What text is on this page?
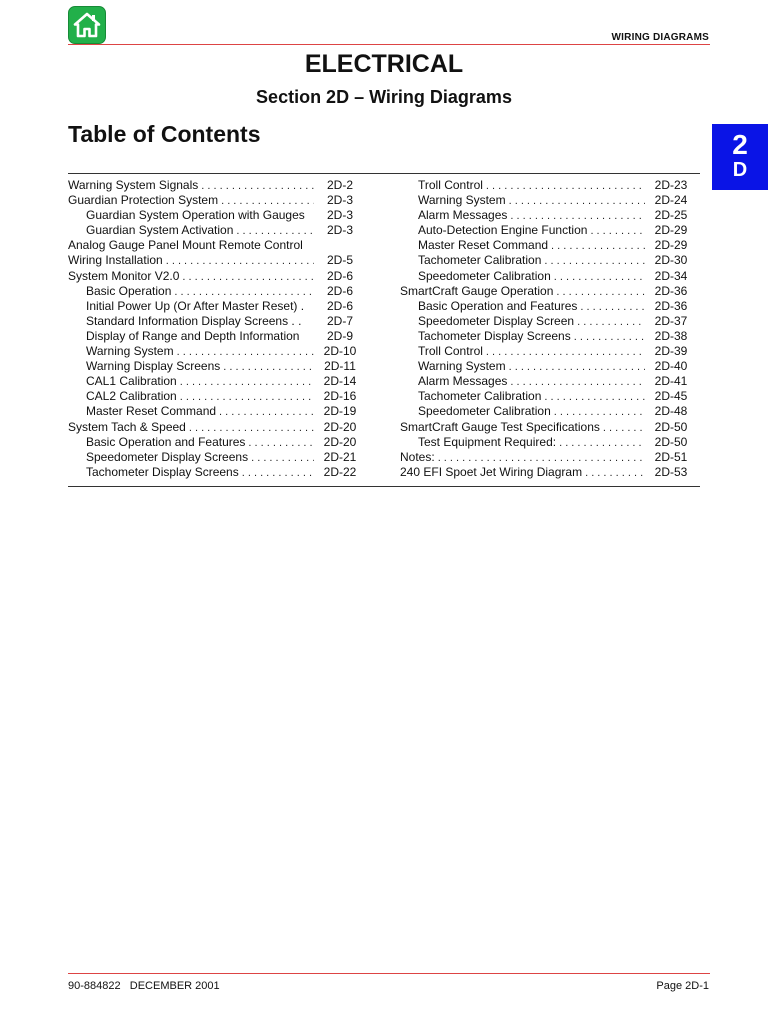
WIRING DIAGRAMS
ELECTRICAL
Section 2D – Wiring Diagrams
Table of Contents	2
D
Warning System Signals . . .	2D-2
Guardian Protection System . . .	2D-3
Guardian System Operation with Gauges	2D-3
Guardian System Activation . . .	2D-3
Analog Gauge Panel Mount Remote Control
Wiring Installation . . .	2D-5
System Monitor V2.0 . . .	2D-6
Basic Operation . . .	2D-6
Initial Power Up (Or After Master Reset) .	2D-6
Standard Information Display Screens . .	2D-7
Display of Range and Depth Information	2D-9
Warning System . . .	2D-10
Warning Display Screens . . .	2D-11
CAL1 Calibration . . .	2D-14
CAL2 Calibration . . .	2D-16
Master Reset Command . . .	2D-19
System Tach & Speed . . .	2D-20
Basic Operation and Features . . .	2D-20
Speedometer Display Screens . . .	2D-21
Tachometer Display Screens . . .	2D-22
Troll Control . . .	2D-23
Warning System . . .	2D-24
Alarm Messages . . .	2D-25
Auto-Detection Engine Function . . .	2D-29
Master Reset Command . . .	2D-29
Tachometer Calibration . . .	2D-30
Speedometer Calibration . . .	2D-34
SmartCraft Gauge Operation . . .	2D-36
Basic Operation and Features . . .	2D-36
Speedometer Display Screen . . .	2D-37
Tachometer Display Screens . . .	2D-38
Troll Control . . .	2D-39
Warning System . . .	2D-40
Alarm Messages . . .	2D-41
Tachometer Calibration . . .	2D-45
Speedometer Calibration . . .	2D-48
SmartCraft Gauge Test Specifications . . .	2D-50
Test Equipment Required: . . .	2D-50
Notes: . . .	2D-51
240 EFI Spoet Jet Wiring Diagram . . .	2D-53
90-884822   DECEMBER 2001	Page 2D-1
